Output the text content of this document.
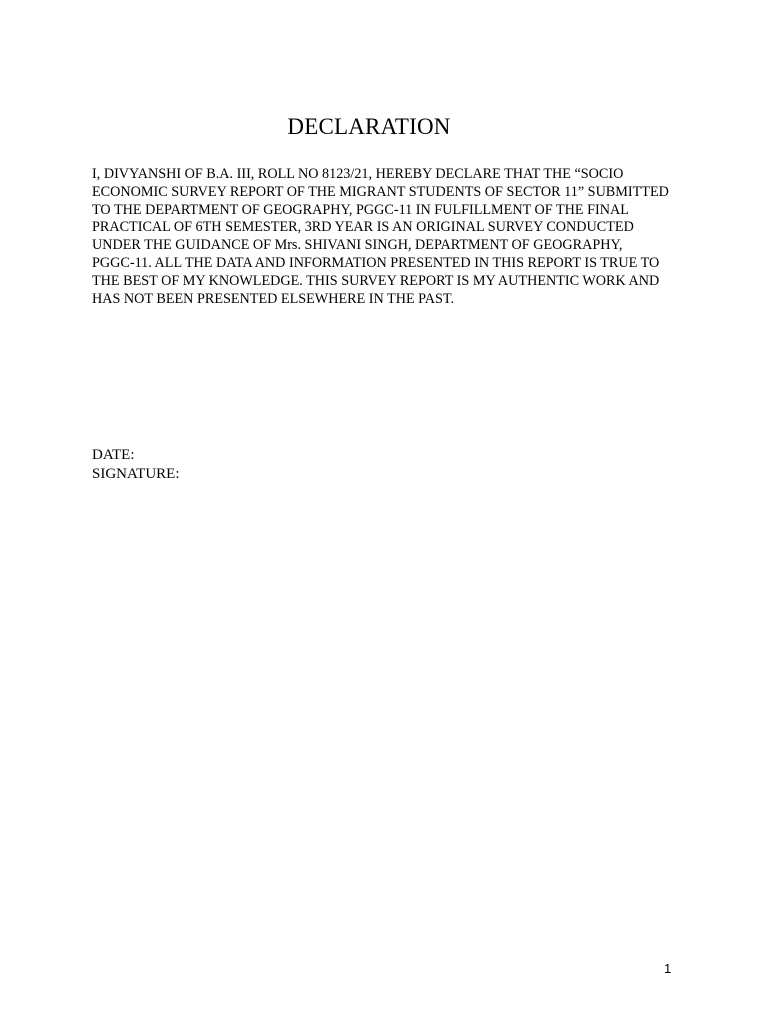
DECLARATION

I, DIVYANSHI OF B.A. III, ROLL NO 8123/21, HEREBY DECLARE THAT THE “SOCIO
ECONOMIC SURVEY REPORT OF THE MIGRANT STUDENTS OF SECTOR 11” SUBMITTED
TO THE DEPARTMENT OF GEOGRAPHY, PGGC-11 IN FULFILLMENT OF THE FINAL
PRACTICAL OF 6TH SEMESTER, 3RD YEAR IS AN ORIGINAL SURVEY CONDUCTED
UNDER THE GUIDANCE OF Mrs. SHIVANI SINGH, DEPARTMENT OF GEOGRAPHY,
PGGC-11. ALL THE DATA AND INFORMATION PRESENTED IN THIS REPORT IS TRUE TO
THE BEST OF MY KNOWLEDGE. THIS SURVEY REPORT IS MY AUTHENTIC WORK AND
HAS NOT BEEN PRESENTED ELSEWHERE IN THE PAST.

DATE:
SIGNATURE:
1
